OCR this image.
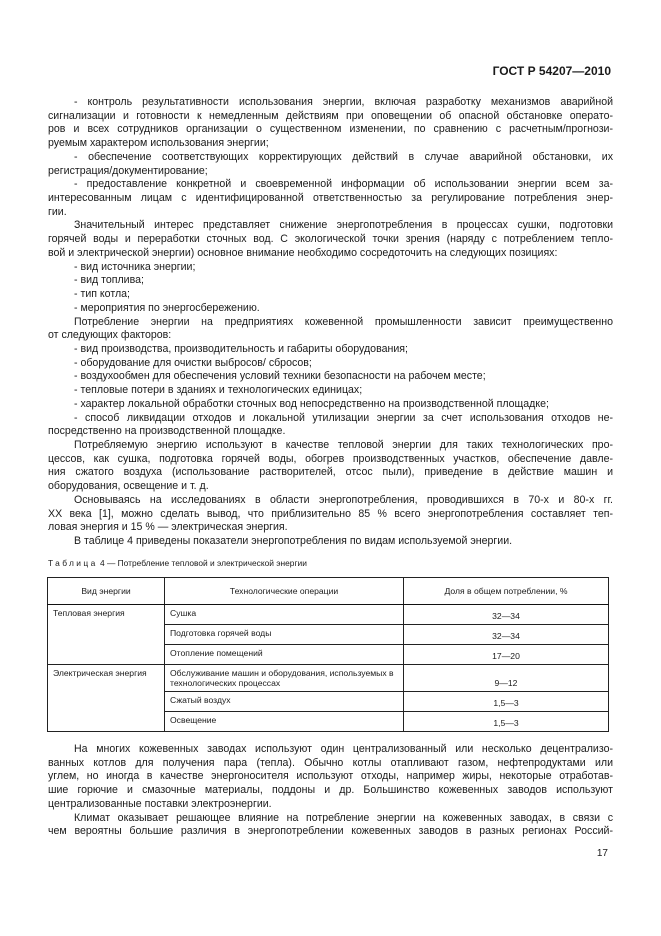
ГОСТ Р 54207—2010
- контроль результативности использования энергии, включая разработку механизмов аварийной
сигнализации и готовности к немедленным действиям при оповещении об опасной обстановке операто-
ров и всех сотрудников организации о существенном изменении, по сравнению с расчетным/прогнози-
руемым характером использования энергии;
- обеспечение соответствующих корректирующих действий в случае аварийной обстановки, их
регистрация/документирование;
- предоставление конкретной и своевременной информации об использовании энергии всем за-
интересованным лицам с идентифицированной ответственностью за регулирование потребления энер-
гии.
Значительный интерес представляет снижение энергопотребления в процессах сушки, подготовки
горячей воды и переработки сточных вод. С экологической точки зрения (наряду с потреблением тепло-
вой и электрической энергии) основное внимание необходимо сосредоточить на следующих позициях:
- вид источника энергии;
- вид топлива;
- тип котла;
- мероприятия по энергосбережению.
Потребление энергии на предприятиях кожевенной промышленности зависит преимущественно
от следующих факторов:
- вид производства, производительность и габариты оборудования;
- оборудование для очистки выбросов/ сбросов;
- воздухообмен для обеспечения условий техники безопасности на рабочем месте;
- тепловые потери в зданиях и технологических единицах;
- характер локальной обработки сточных вод непосредственно на производственной площадке;
- способ ликвидации отходов и локальной утилизации энергии за счет использования отходов не-
посредственно на производственной площадке.
Потребляемую энергию используют в качестве тепловой энергии для таких технологических про-
цессов, как сушка, подготовка горячей воды, обогрев производственных участков, обеспечение давле-
ния сжатого воздуха (использование растворителей, отсос пыли), приведение в действие машин и
оборудования, освещение и т. д.
Основываясь на исследованиях в области энергопотребления, проводившихся в 70-х и 80-х гг.
XX века [1], можно сделать вывод, что приблизительно 85 % всего энергопотребления составляет теп-
ловая энергия и 15 % — электрическая энергия.
В таблице 4 приведены показатели энергопотребления по видам используемой энергии.
Таблица 4 — Потребление тепловой и электрической энергии
Вид энергии	Технологические операции	Доля в общем потреблении, %
Тепловая энергия	Сушка	32—34
	Подготовка горячей воды	32—34
	Отопление помещений	17—20
Электрическая энергия	Обслуживание машин и оборудования, используемых в технологических процессах	9—12
	Сжатый воздух	1,5—3
	Освещение	1,5—3
На многих кожевенных заводах используют один централизованный или несколько децентрализо-
ванных котлов для получения пара (тепла). Обычно котлы отапливают газом, нефтепродуктами или
углем, но иногда в качестве энергоносителя используют отходы, например жиры, некоторые отработав-
шие горючие и смазочные материалы, поддоны и др. Большинство кожевенных заводов используют
централизованные поставки электроэнергии.
Климат оказывает решающее влияние на потребление энергии на кожевенных заводах, в связи с
чем вероятны большие различия в энергопотреблении кожевенных заводов в разных регионах Россий-
17
